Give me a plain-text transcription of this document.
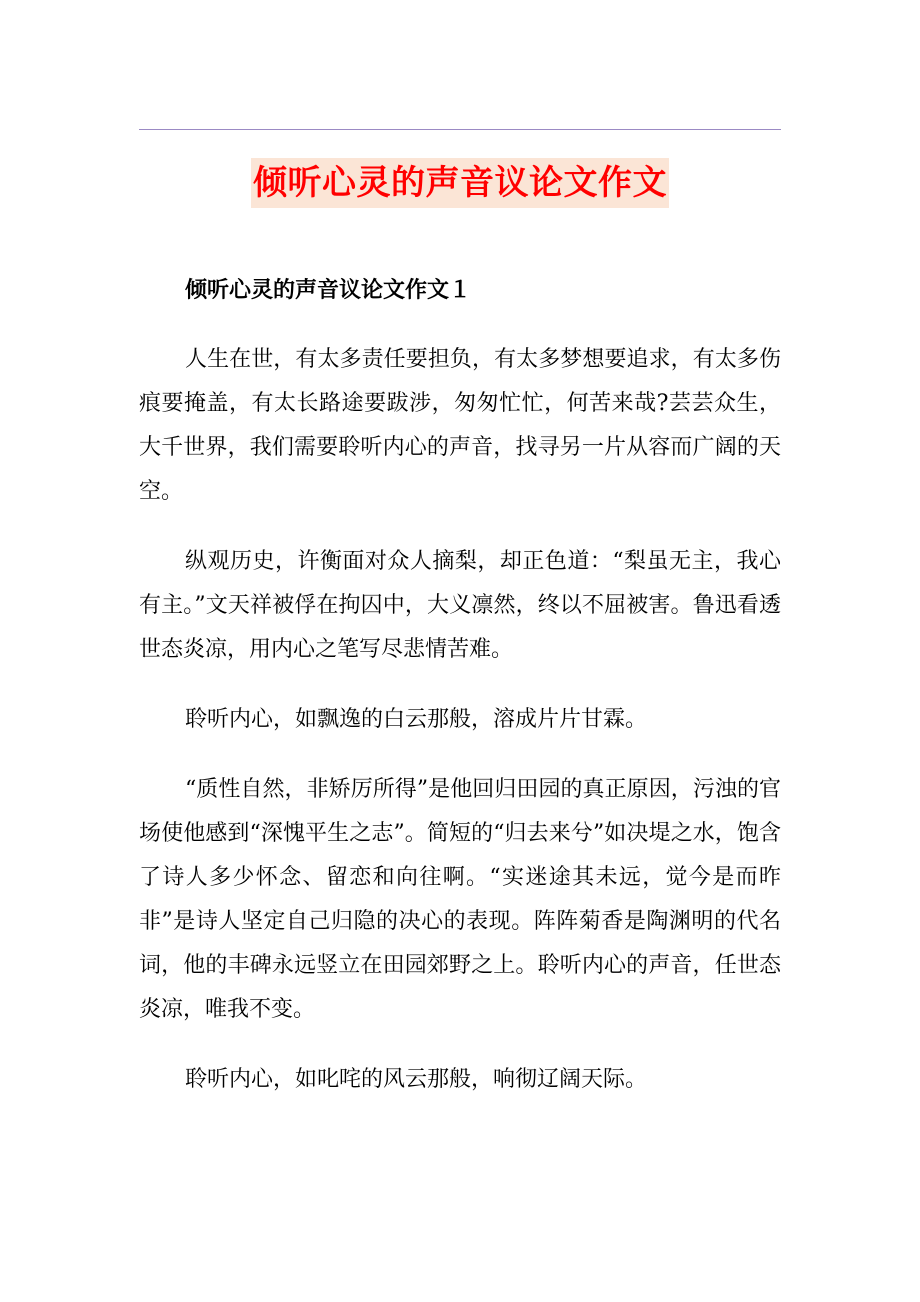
倾听心灵的声音议论文作文

倾听心灵的声音议论文作文１

人生在世，有太多责任要担负，有太多梦想要追求，有太多伤痕要掩盖，有太长路途要跋涉，匆匆忙忙，何苦来哉?芸芸众生，大千世界，我们需要聆听内心的声音，找寻另一片从容而广阔的天空。

纵观历史，许衡面对众人摘梨，却正色道：“梨虽无主，我心有主。”文天祥被俘在拘囚中，大义凛然，终以不屈被害。鲁迅看透世态炎凉，用内心之笔写尽悲情苦难。

聆听内心，如飘逸的白云那般，溶成片片甘霖。

“质性自然，非矫厉所得”是他回归田园的真正原因，污浊的官场使他感到“深愧平生之志”。简短的“归去来兮”如决堤之水，饱含了诗人多少怀念、留恋和向往啊。“实迷途其未远，觉今是而昨非”是诗人坚定自己归隐的决心的表现。阵阵菊香是陶渊明的代名词，他的丰碑永远竖立在田园郊野之上。聆听内心的声音，任世态炎凉，唯我不变。

聆听内心，如叱咤的风云那般，响彻辽阔天际。
